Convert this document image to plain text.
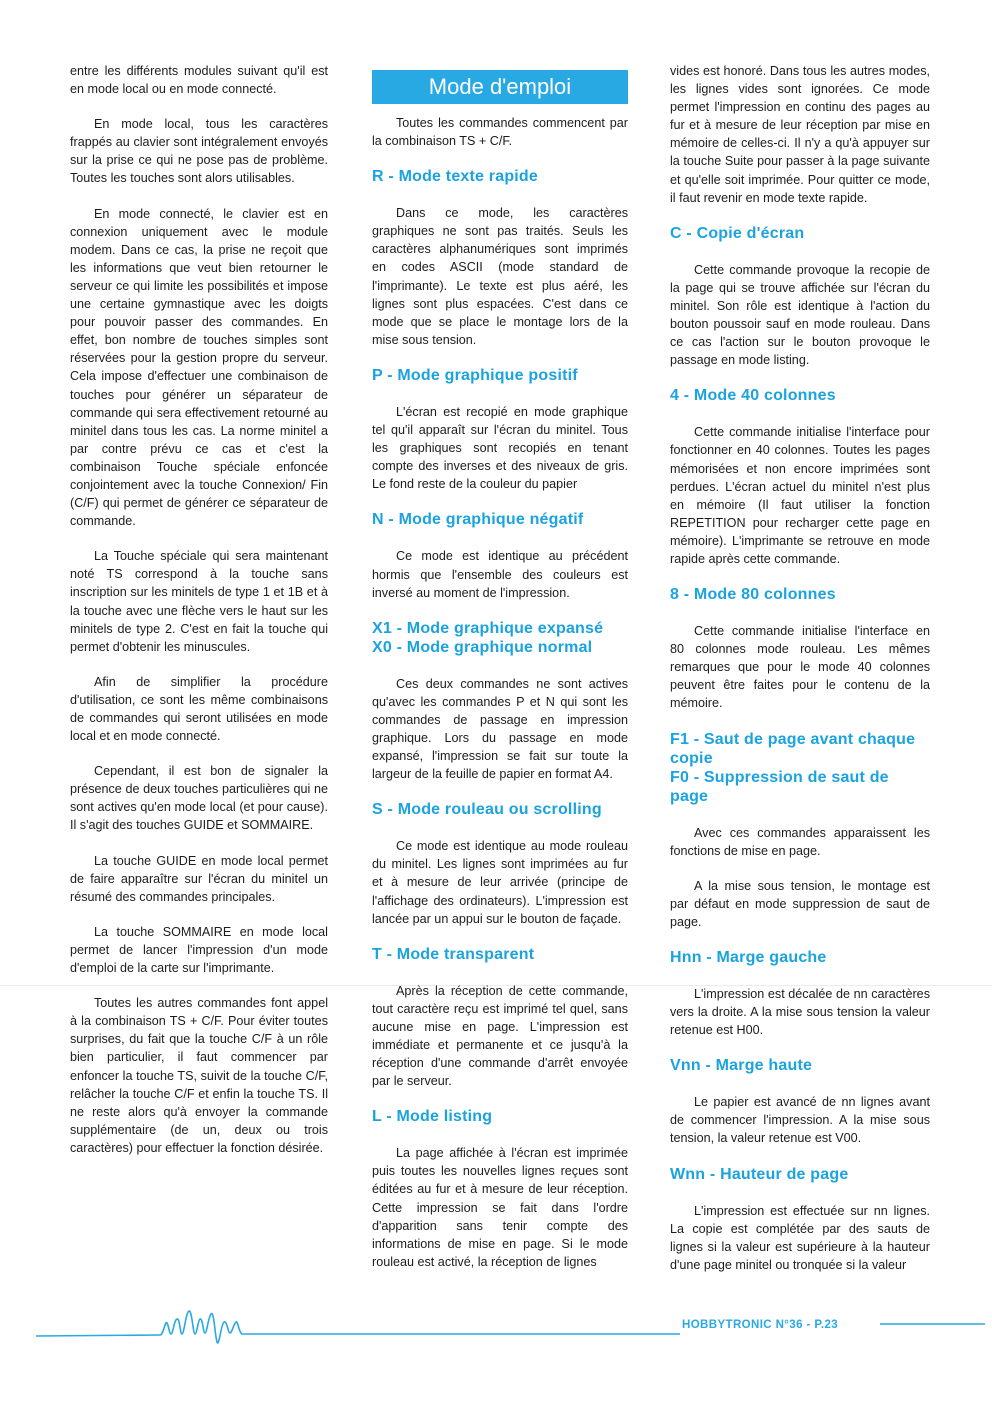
entre les différents modules suivant qu'il est en mode local ou en mode connecté.

En mode local, tous les caractères frappés au clavier sont intégralement envoyés sur la prise ce qui ne pose pas de problème. Toutes les touches sont alors utilisables.

En mode connecté, le clavier est en connexion uniquement avec le module modem. Dans ce cas, la prise ne reçoit que les informations que veut bien retourner le serveur ce qui limite les possibilités et impose une certaine gymnastique avec les doigts pour pouvoir passer des commandes. En effet, bon nombre de touches simples sont réservées pour la gestion propre du serveur. Cela impose d'effectuer une combinaison de touches pour générer un séparateur de commande qui sera effectivement retourné au minitel dans tous les cas. La norme minitel a par contre prévu ce cas et c'est la combinaison Touche spéciale enfoncée conjointement avec la touche Connexion/ Fin (C/F) qui permet de générer ce séparateur de commande.

La Touche spéciale qui sera maintenant noté TS correspond à la touche sans inscription sur les minitels de type 1 et 1B et à la touche avec une flèche vers le haut sur les minitels de type 2. C'est en fait la touche qui permet d'obtenir les minuscules.

Afin de simplifier la procédure d'utilisation, ce sont les même combinaisons de commandes qui seront utilisées en mode local et en mode connecté.

Cependant, il est bon de signaler la présence de deux touches particulières qui ne sont actives qu'en mode local (et pour cause). Il s'agit des touches GUIDE et SOMMAIRE.

La touche GUIDE en mode local permet de faire apparaître sur l'écran du minitel un résumé des commandes principales.

La touche SOMMAIRE en mode local permet de lancer l'impression d'un mode d'emploi de la carte sur l'imprimante.

Toutes les autres commandes font appel à la combinaison TS + C/F. Pour éviter toutes surprises, du fait que la touche C/F à un rôle bien particulier, il faut commencer par enfoncer la touche TS, suivit de la touche C/F, relâcher la touche C/F et enfin la touche TS. Il ne reste alors qu'à envoyer la commande supplémentaire (de un, deux ou trois caractères) pour effectuer la fonction désirée.

Mode d'emploi

Toutes les commandes commencent par la combinaison TS + C/F.

R - Mode texte rapide

Dans ce mode, les caractères graphiques ne sont pas traités. Seuls les caractères alphanumériques sont imprimés en codes ASCII (mode standard de l'imprimante). Le texte est plus aéré, les lignes sont plus espacées. C'est dans ce mode que se place le montage lors de la mise sous tension.

P - Mode graphique positif

L'écran est recopié en mode graphique tel qu'il apparaît sur l'écran du minitel. Tous les graphiques sont recopiés en tenant compte des inverses et des niveaux de gris. Le fond reste de la couleur du papier

N - Mode graphique négatif

Ce mode est identique au précédent hormis que l'ensemble des couleurs est inversé au moment de l'impression.

X1 - Mode graphique expansé
X0 - Mode graphique normal

Ces deux commandes ne sont actives qu'avec les commandes P et N qui sont les commandes de passage en impression graphique. Lors du passage en mode expansé, l'impression se fait sur toute la largeur de la feuille de papier en format A4.

S - Mode rouleau ou scrolling

Ce mode est identique au mode rouleau du minitel. Les lignes sont imprimées au fur et à mesure de leur arrivée (principe de l'affichage des ordinateurs). L'impression est lancée par un appui sur le bouton de façade.

T - Mode transparent

Après la réception de cette commande, tout caractère reçu est imprimé tel quel, sans aucune mise en page. L'impression est immédiate et permanente et ce jusqu'à la réception d'une commande d'arrêt envoyée par le serveur.

L - Mode listing

La page affichée à l'écran est imprimée puis toutes les nouvelles lignes reçues sont éditées au fur et à mesure de leur réception. Cette impression se fait dans l'ordre d'apparition sans tenir compte des informations de mise en page. Si le mode rouleau est activé, la réception de lignes

vides est honoré. Dans tous les autres modes, les lignes vides sont ignorées. Ce mode permet l'impression en continu des pages au fur et à mesure de leur réception par mise en mémoire de celles-ci. Il n'y a qu'à appuyer sur la touche Suite pour passer à la page suivante et qu'elle soit imprimée. Pour quitter ce mode, il faut revenir en mode texte rapide.

C - Copie d'écran

Cette commande provoque la recopie de la page qui se trouve affichée sur l'écran du minitel. Son rôle est identique à l'action du bouton poussoir sauf en mode rouleau. Dans ce cas l'action sur le bouton provoque le passage en mode listing.

4 - Mode 40 colonnes

Cette commande initialise l'interface pour fonctionner en 40 colonnes. Toutes les pages mémorisées et non encore imprimées sont perdues. L'écran actuel du minitel n'est plus en mémoire (Il faut utiliser la fonction REPETITION pour recharger cette page en mémoire). L'imprimante se retrouve en mode rapide après cette commande.

8 - Mode 80 colonnes

Cette commande initialise l'interface en 80 colonnes mode rouleau. Les mêmes remarques que pour le mode 40 colonnes peuvent être faites pour le contenu de la mémoire.

F1 - Saut de page avant chaque copie
F0 - Suppression de saut de page

Avec ces commandes apparaissent les fonctions de mise en page.

A la mise sous tension, le montage est par défaut en mode suppression de saut de page.

Hnn - Marge gauche

L'impression est décalée de nn caractères vers la droite. A la mise sous tension la valeur retenue est H00.

Vnn - Marge haute

Le papier est avancé de nn lignes avant de commencer l'impression. A la mise sous tension, la valeur retenue est V00.

Wnn - Hauteur de page

L'impression est effectuée sur nn lignes. La copie est complétée par des sauts de lignes si la valeur est supérieure à la hauteur d'une page minitel ou tronquée si la valeur

HOBBYTRONIC N°36 - P.23
